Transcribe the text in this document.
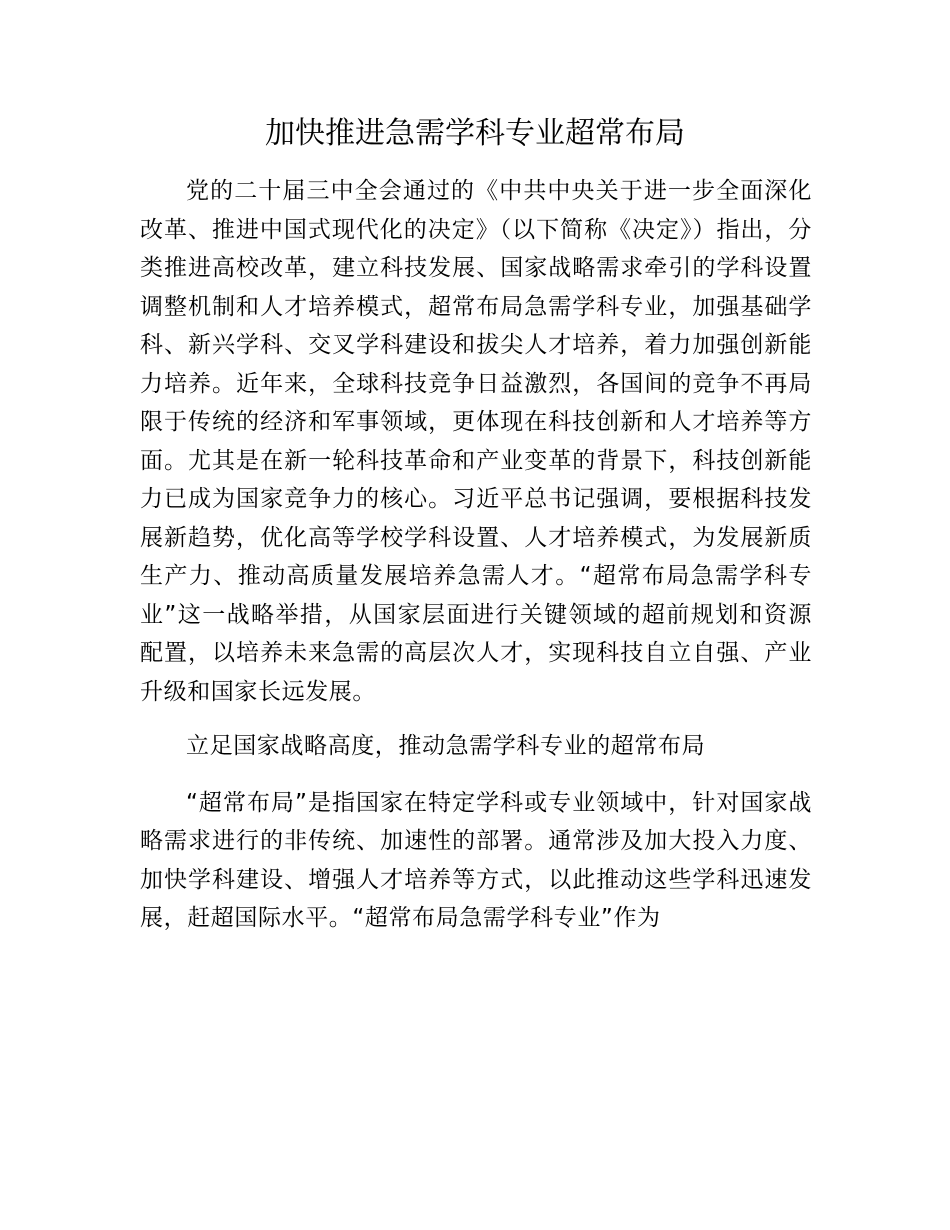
加快推进急需学科专业超常布局

党的二十届三中全会通过的《中共中央关于进一步全面深化改革、推进中国式现代化的决定》（以下简称《决定》）指出，分类推进高校改革，建立科技发展、国家战略需求牵引的学科设置调整机制和人才培养模式，超常布局急需学科专业，加强基础学科、新兴学科、交叉学科建设和拔尖人才培养，着力加强创新能力培养。近年来，全球科技竞争日益激烈，各国间的竞争不再局限于传统的经济和军事领域，更体现在科技创新和人才培养等方面。尤其是在新一轮科技革命和产业变革的背景下，科技创新能力已成为国家竞争力的核心。习近平总书记强调，要根据科技发展新趋势，优化高等学校学科设置、人才培养模式，为发展新质生产力、推动高质量发展培养急需人才。“超常布局急需学科专业”这一战略举措，从国家层面进行关键领域的超前规划和资源配置，以培养未来急需的高层次人才，实现科技自立自强、产业升级和国家长远发展。

立足国家战略高度，推动急需学科专业的超常布局

“超常布局”是指国家在特定学科或专业领域中，针对国家战略需求进行的非传统、加速性的部署。通常涉及加大投入力度、加快学科建设、增强人才培养等方式，以此推动这些学科迅速发展，赶超国际水平。“超常布局急需学科专业”作为
